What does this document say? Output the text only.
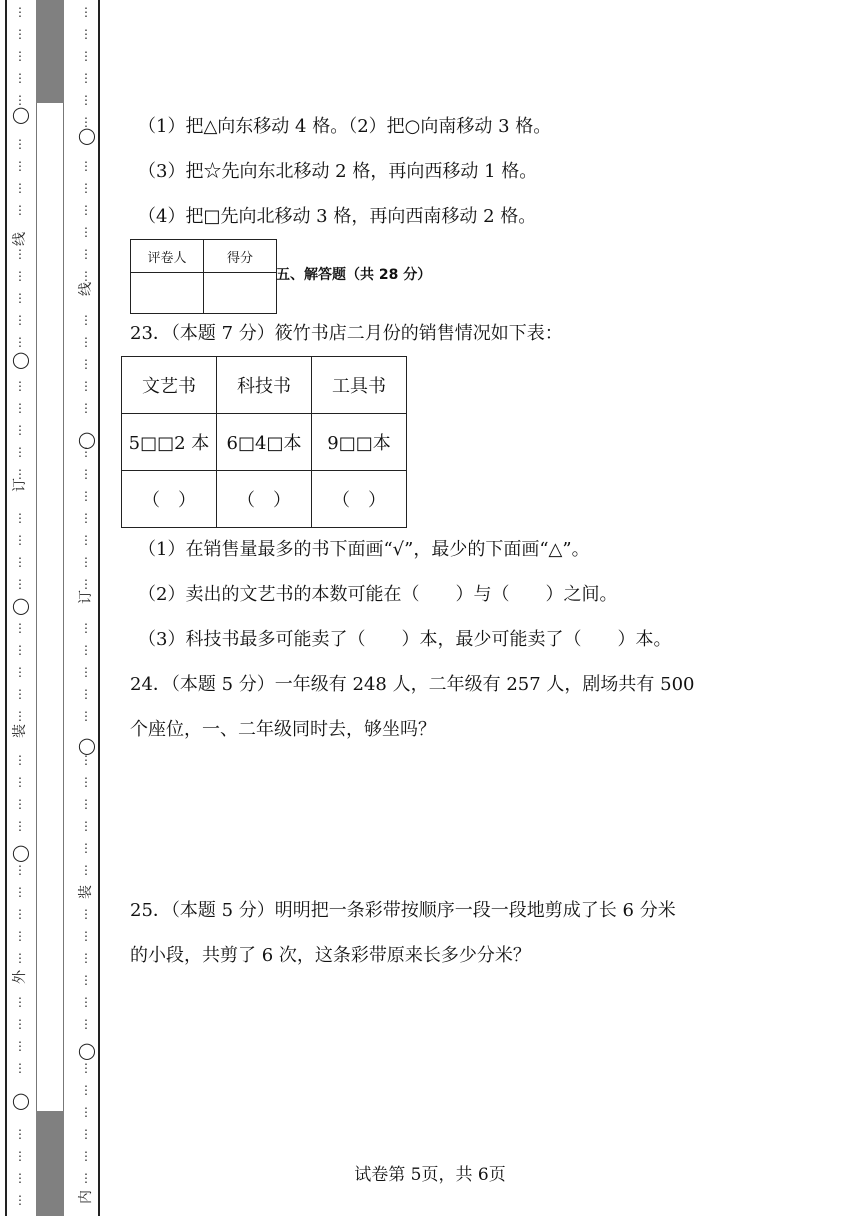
⋮
⋮
⋮
⋮
⋮
⋮
⋮
⋮
⋮
⋮
⋮
⋮
⋮
⋮
⋮
⋮
⋮
⋮
⋮
⋮
⋮
⋮
⋮
⋮
⋮
⋮
⋮
⋮
⋮
⋮
⋮
⋮
⋮
⋮
⋮
⋮
⋮
⋮
⋮
⋮
⋮
⋮
⋮
⋮
⋮
◯
◯
◯
◯
◯
线
订
装
外
⋮
⋮
⋮
⋮
⋮
⋮
⋮
⋮
⋮
⋮
⋮
⋮
⋮
⋮
⋮
⋮
⋮
⋮
⋮
⋮
⋮
⋮
⋮
⋮
⋮
⋮
⋮
⋮
⋮
⋮
⋮
⋮
⋮
⋮
⋮
⋮
⋮
⋮
⋮
⋮
⋮
⋮
⋮
⋮
⋮
⋮
⋮
◯
◯
◯
◯
线
订
装
内
（1）把△向东移动 4 格。（2）把○向南移动 3 格。
（3）把☆先向东北移动 2 格，再向西移动 1 格。
（4）把□先向北移动 3 格，再向西南移动 2 格。
评卷人	得分

五、解答题（共 28 分）
23．（本题 7 分）筱竹书店二月份的销售情况如下表：
文艺书	科技书	工具书
5□□2 本	6□4□本	9□□本
（　）	（　）	（　）
（1）在销售量最多的书下面画“√”，最少的下面画“△”。
（2）卖出的文艺书的本数可能在（　　）与（　　）之间。
（3）科技书最多可能卖了（　　）本，最少可能卖了（　　）本。
24．（本题 5 分）一年级有 248 人，二年级有 257 人，剧场共有 500
个座位，一、二年级同时去，够坐吗？
25．（本题 5 分）明明把一条彩带按顺序一段一段地剪成了长 6 分米
的小段，共剪了 6 次，这条彩带原来长多少分米？
试卷第 5页，共 6页
